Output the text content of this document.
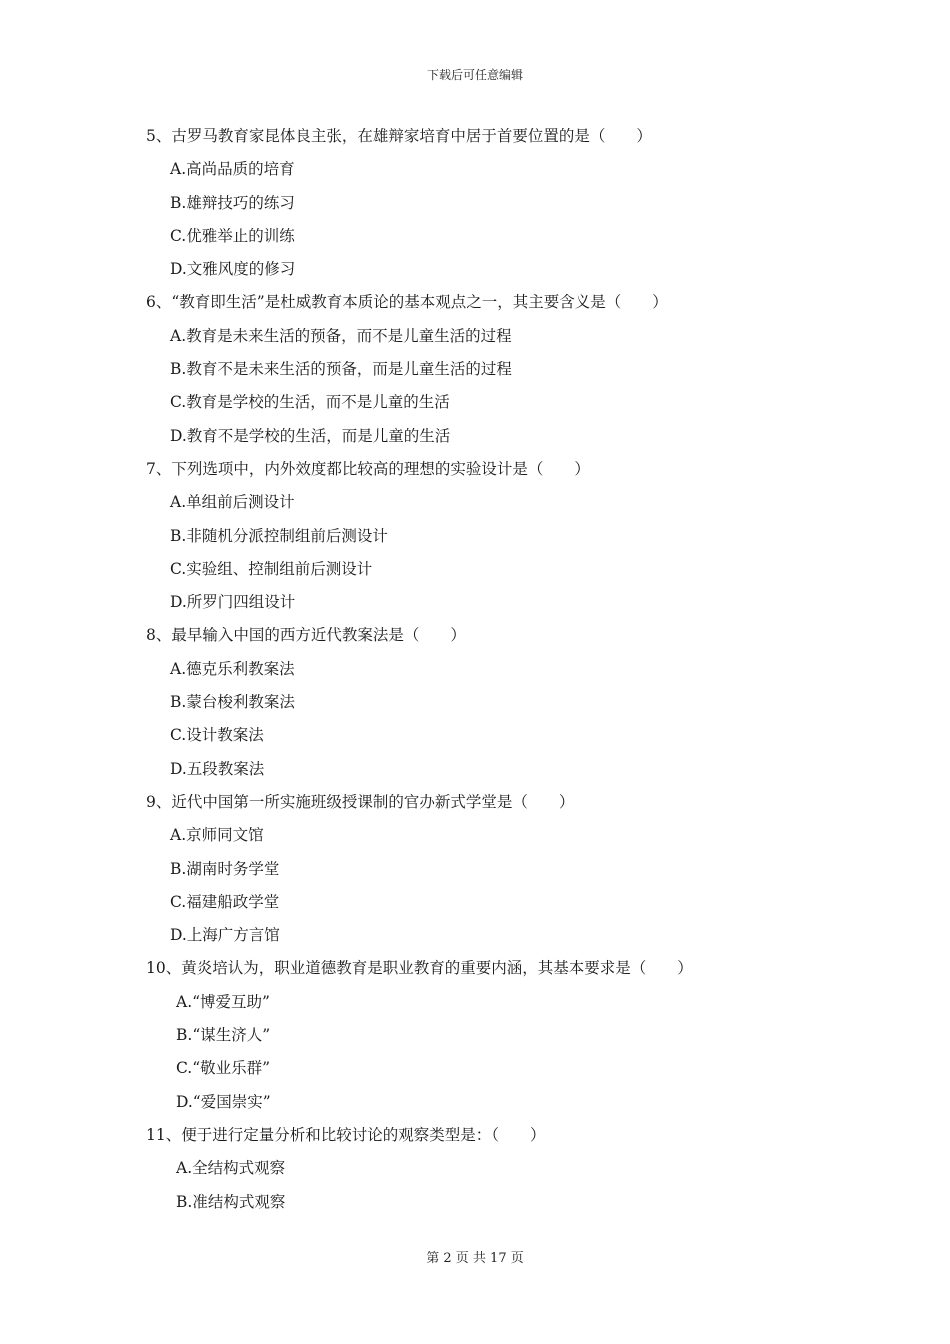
下载后可任意编辑
5、古罗马教育家昆体良主张，在雄辩家培育中居于首要位置的是（　　）
A.高尚品质的培育
B.雄辩技巧的练习
C.优雅举止的训练
D.文雅风度的修习
6、“教育即生活”是杜威教育本质论的基本观点之一，其主要含义是（　　）
A.教育是未来生活的预备，而不是儿童生活的过程
B.教育不是未来生活的预备，而是儿童生活的过程
C.教育是学校的生活，而不是儿童的生活
D.教育不是学校的生活，而是儿童的生活
7、下列选项中，内外效度都比较高的理想的实验设计是（　　）
A.单组前后测设计
B.非随机分派控制组前后测设计
C.实验组、控制组前后测设计
D.所罗门四组设计
8、最早输入中国的西方近代教案法是（　　）
A.德克乐利教案法
B.蒙台梭利教案法
C.设计教案法
D.五段教案法
9、近代中国第一所实施班级授课制的官办新式学堂是（　　）
A.京师同文馆
B.湖南时务学堂
C.福建船政学堂
D.上海广方言馆
10、黄炎培认为，职业道德教育是职业教育的重要内涵，其基本要求是（　　）
A.“博爱互助”
B.“谋生济人”
C.“敬业乐群”
D.“爱国崇实”
11、便于进行定量分析和比较讨论的观察类型是：（　　）
A.全结构式观察
B.准结构式观察
第 2 页 共 17 页
